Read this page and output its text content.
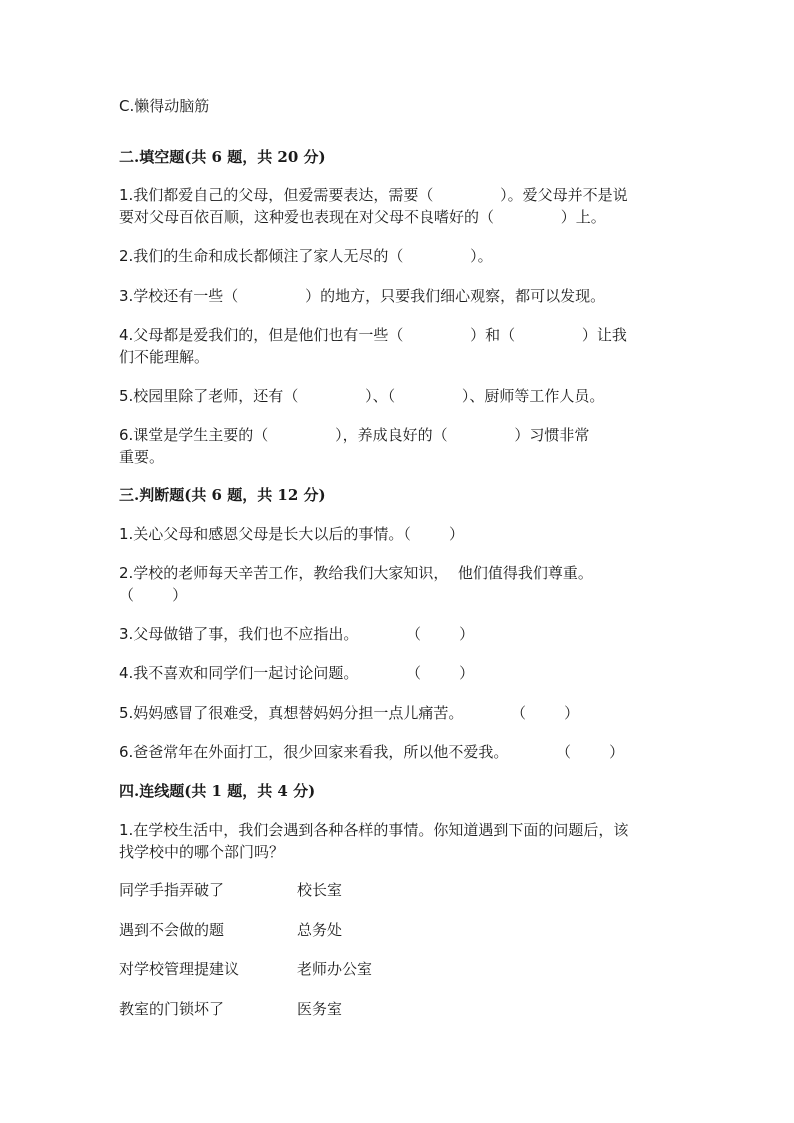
C.懒得动脑筋
二.填空题(共 6 题，共 20 分)
1.我们都爱自己的父母，但爱需要表达，需要（              ）。爱父母并不是说
要对父母百依百顺，这种爱也表现在对父母不良嗜好的（              ）上。
2.我们的生命和成长都倾注了家人无尽的（              ）。
3.学校还有一些（              ）的地方，只要我们细心观察，都可以发现。
4.父母都是爱我们的，但是他们也有一些（              ）和（              ）让我
们不能理解。
5.校园里除了老师，还有（              ）、（              ）、厨师等工作人员。
6.课堂是学生主要的（              ），养成良好的（              ）习惯非常
重要。
三.判断题(共 6 题，共 12 分)
1.关心父母和感恩父母是长大以后的事情。（        ）
2.学校的老师每天辛苦工作，教给我们大家知识，  他们值得我们尊重。
（        ）
3.父母做错了事，我们也不应指出。          （        ）
4.我不喜欢和同学们一起讨论问题。          （        ）
5.妈妈感冒了很难受，真想替妈妈分担一点儿痛苦。          （        ）
6.爸爸常年在外面打工，很少回家来看我，所以他不爱我。          （        ）
四.连线题(共 1 题，共 4 分)
1.在学校生活中，我们会遇到各种各样的事情。你知道遇到下面的问题后，该
找学校中的哪个部门吗？
同学手指弄破了	校长室
遇到不会做的题	总务处
对学校管理提建议	老师办公室
教室的门锁坏了	医务室
